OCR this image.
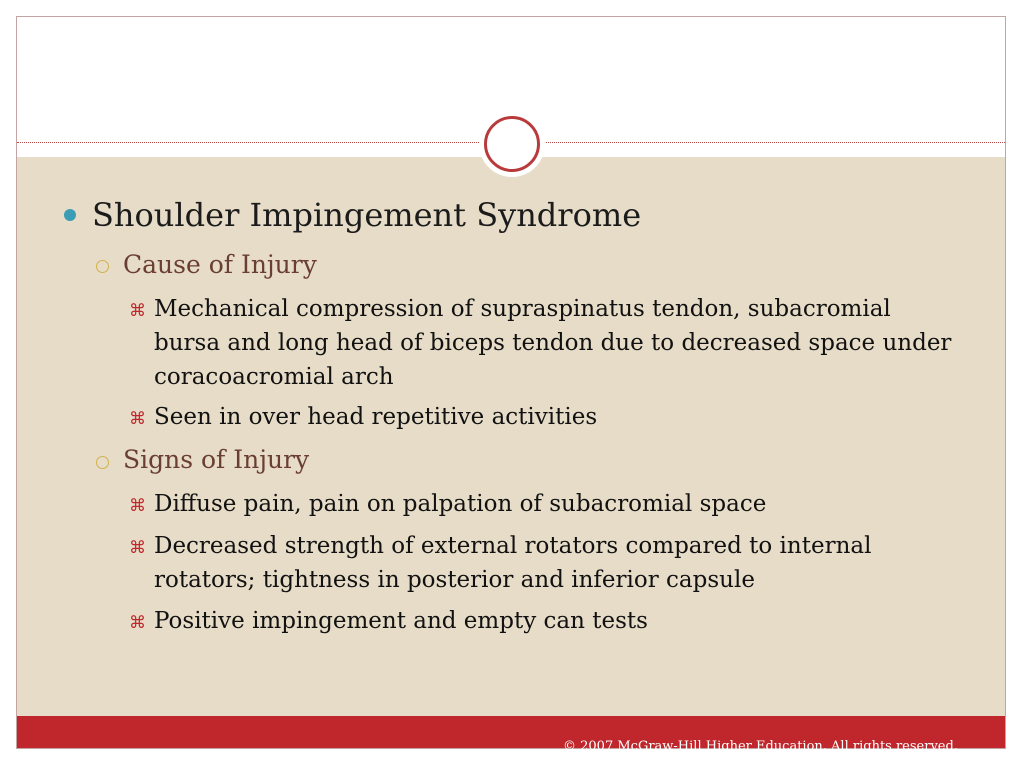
Shoulder Impingement Syndrome
Cause of Injury
⌘ Mechanical compression of supraspinatus tendon, subacromial bursa and long head of biceps tendon due to decreased space under coracoacromial arch
⌘ Seen in over head repetitive activities
Signs of Injury
⌘ Diffuse pain, pain on palpation of subacromial space
⌘ Decreased strength of external rotators compared to internal rotators; tightness in posterior and inferior capsule
⌘ Positive impingement and empty can tests
© 2007 McGraw-Hill Higher Education. All rights reserved.
